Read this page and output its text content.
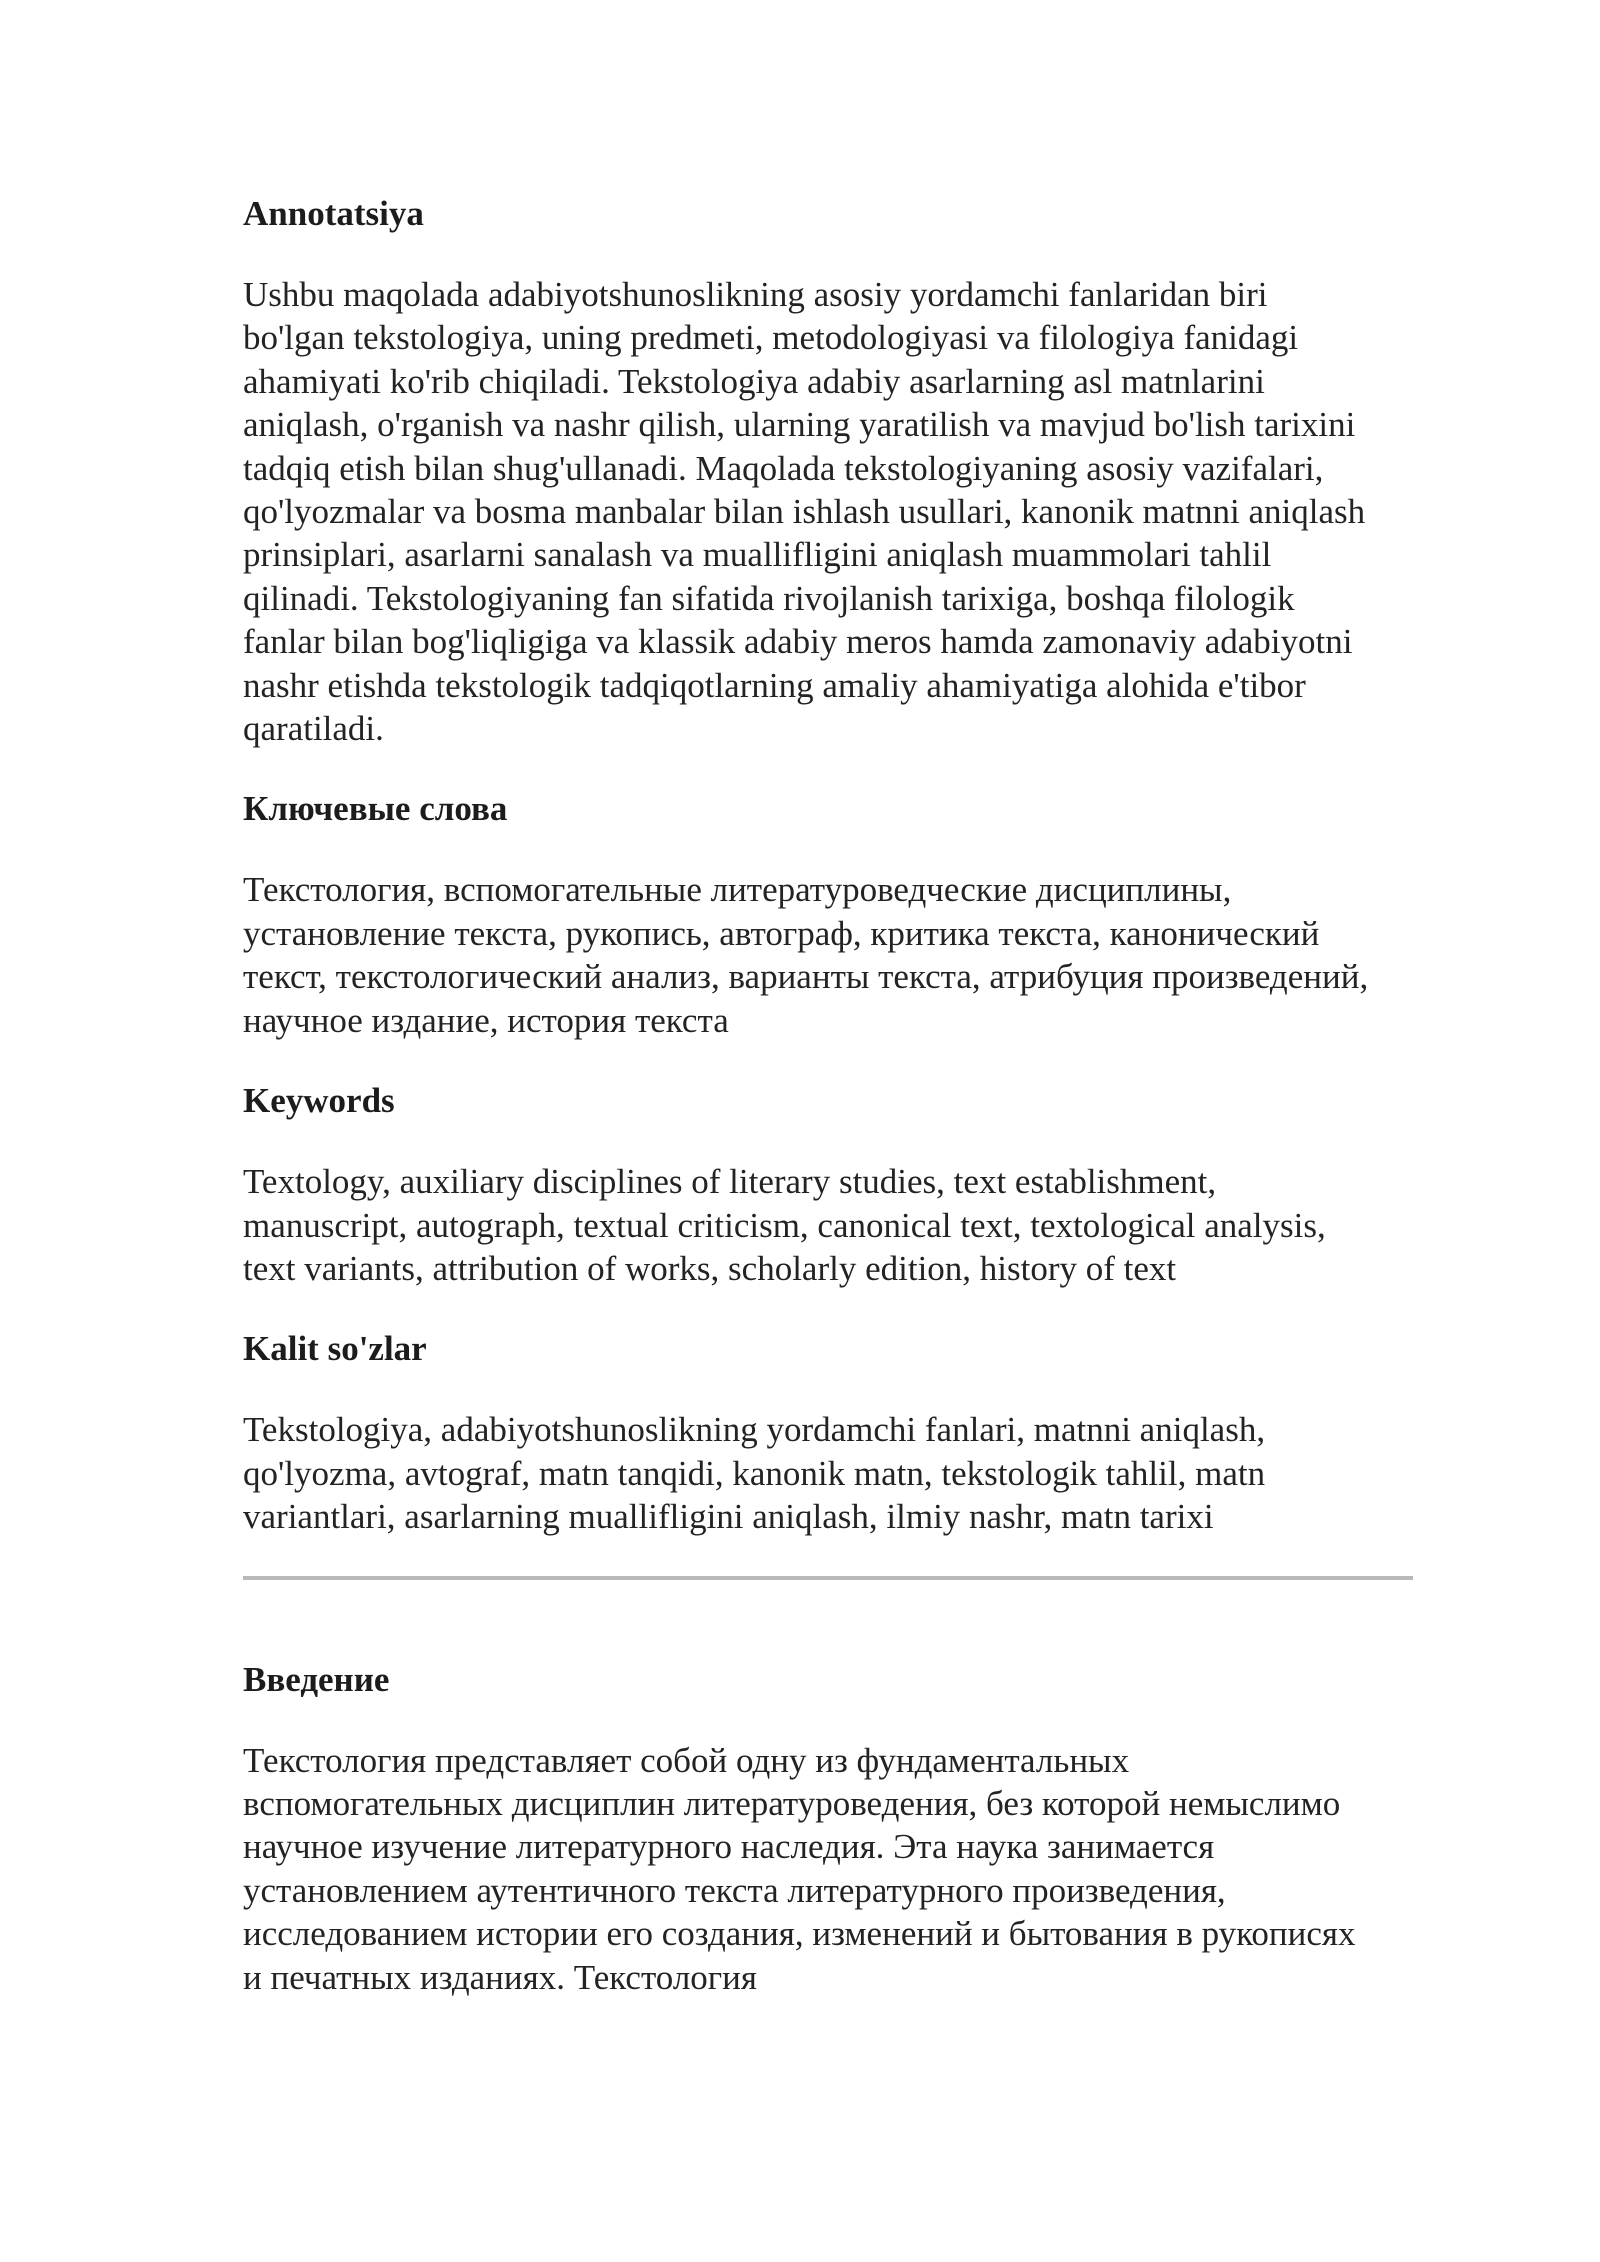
Annotatsiya
Ushbu maqolada adabiyotshunoslikning asosiy yordamchi fanlaridan biri bo'lgan tekstologiya, uning predmeti, metodologiyasi va filologiya fanidagi ahamiyati ko'rib chiqiladi. Tekstologiya adabiy asarlarning asl matnlarini aniqlash, o'rganish va nashr qilish, ularning yaratilish va mavjud bo'lish tarixini tadqiq etish bilan shug'ullanadi. Maqolada tekstologiyaning asosiy vazifalari, qo'lyozmalar va bosma manbalar bilan ishlash usullari, kanonik matnni aniqlash prinsiplari, asarlarni sanalash va muallifligini aniqlash muammolari tahlil qilinadi. Tekstologiyaning fan sifatida rivojlanish tarixiga, boshqa filologik fanlar bilan bog'liqligiga va klassik adabiy meros hamda zamonaviy adabiyotni nashr etishda tekstologik tadqiqotlarning amaliy ahamiyatiga alohida e'tibor qaratiladi.
Ключевые слова
Текстология, вспомогательные литературоведческие дисциплины, установление текста, рукопись, автограф, критика текста, канонический текст, текстологический анализ, варианты текста, атрибуция произведений, научное издание, история текста
Keywords
Textology, auxiliary disciplines of literary studies, text establishment, manuscript, autograph, textual criticism, canonical text, textological analysis, text variants, attribution of works, scholarly edition, history of text
Kalit so'zlar
Tekstologiya, adabiyotshunoslikning yordamchi fanlari, matnni aniqlash, qo'lyozma, avtograf, matn tanqidi, kanonik matn, tekstologik tahlil, matn variantlari, asarlarning muallifligini aniqlash, ilmiy nashr, matn tarixi
Введение
Текстология представляет собой одну из фундаментальных вспомогательных дисциплин литературоведения, без которой немыслимо научное изучение литературного наследия. Эта наука занимается установлением аутентичного текста литературного произведения, исследованием истории его создания, изменений и бытования в рукописях и печатных изданиях. Текстология
